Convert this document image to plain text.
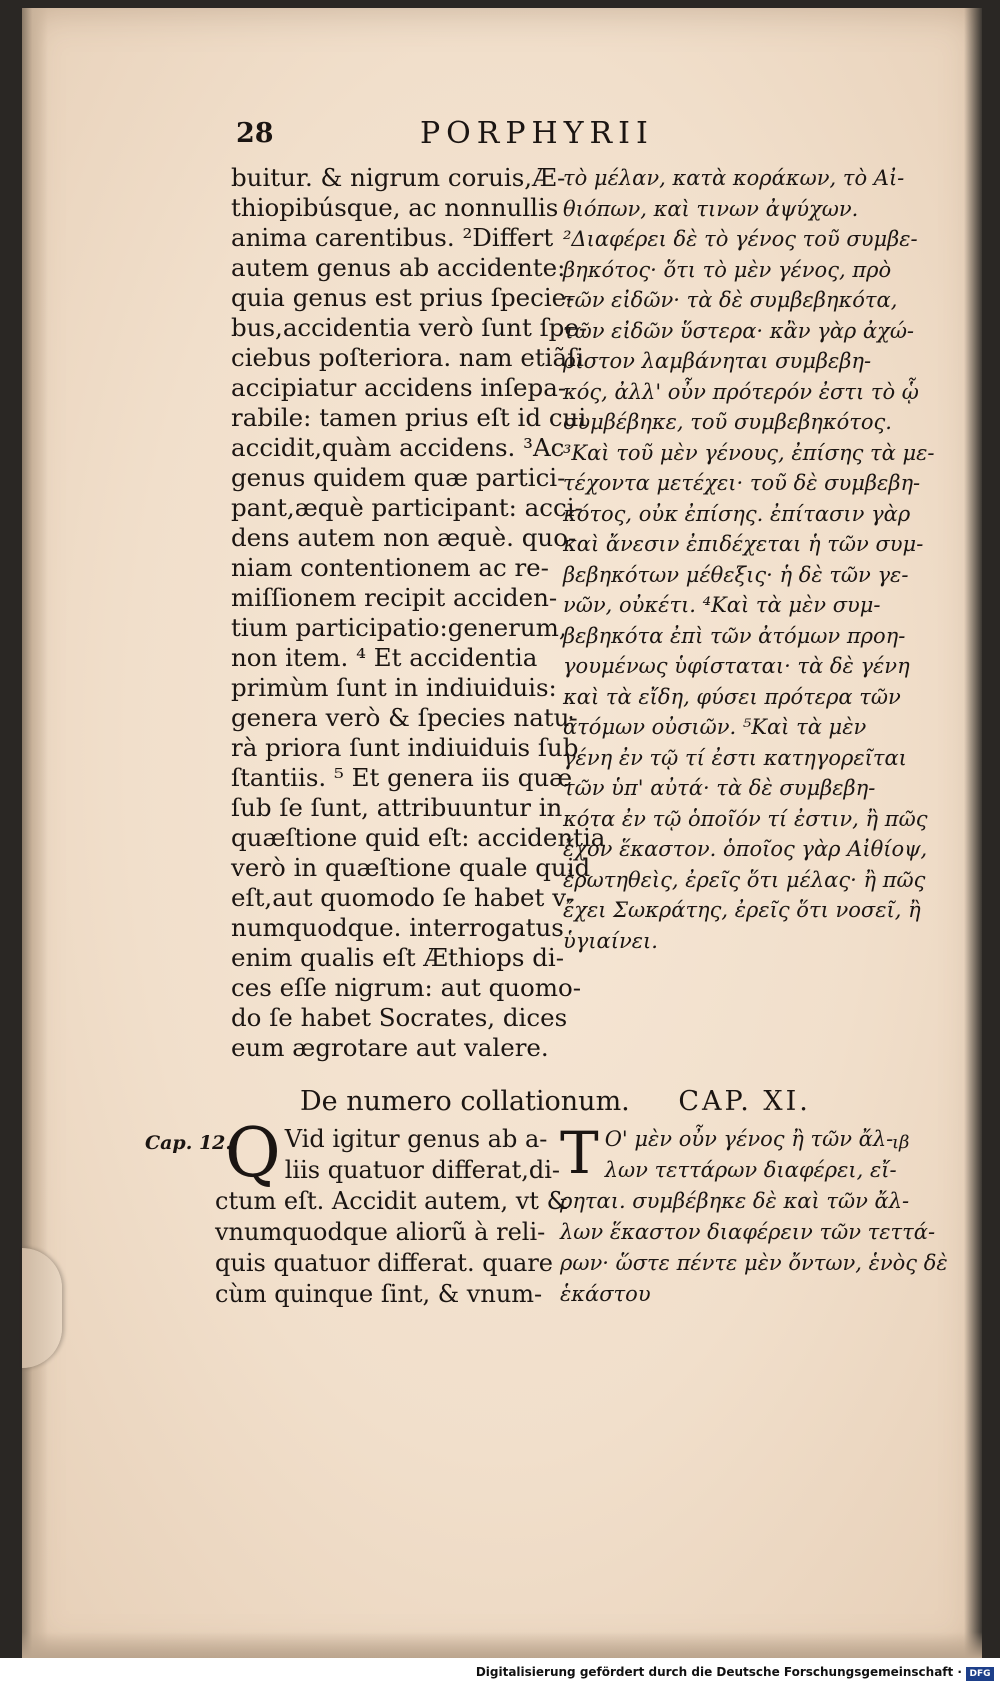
28	PORPHYRII
buitur. & nigrum coruis,Æ-
thiopibúsque, ac nonnullis
anima carentibus. ²Differt
autem genus ab accidente:
quia genus est prius ſpecie-
bus,accidentia verò ſunt ſpe-
ciebus poſteriora. nam etiãſi
accipiatur accidens inſepa-
rabile: tamen prius eſt id cui
accidit,quàm accidens. ³Ac
genus quidem quæ partici-
pant,æquè participant: acci-
dens autem non æquè. quo-
niam contentionem ac re-
miſſionem recipit acciden-
tium participatio:generum,
non item. ⁴ Et accidentia
primùm ſunt in indiuiduis:
genera verò & ſpecies natu-
rà priora ſunt indiuiduis ſub
ſtantiis. ⁵ Et genera iis quæ
ſub ſe ſunt, attribuuntur in
quæſtione quid eſt: accidentia
verò in quæſtione quale quid
eſt,aut quomodo ſe habet v-
numquodque. interrogatus
enim qualis eſt Æthiops di-
ces eſſe nigrum: aut quomo-
do ſe habet Socrates, dices
eum ægrotare aut valere.
τὸ μέλαν, κατὰ κοράκων, τὸ Αἰ-
θιόπων, καὶ τινων ἀψύχων.
²Διαφέρει δὲ τὸ γένος τοῦ συμβε-
βηκότος· ὅτι τὸ μὲν γένος, πρὸ
τῶν εἰδῶν· τὰ δὲ συμβεβηκότα,
τῶν εἰδῶν ὕστερα· κἂν γὰρ ἀχώ-
ριστον λαμβάνηται συμβεβη-
κός, ἀλλ' οὖν πρότερόν ἐστι τὸ ᾧ
συμβέβηκε, τοῦ συμβεβηκότος.
³Καὶ τοῦ μὲν γένους, ἐπίσης τὰ με-
τέχοντα μετέχει· τοῦ δὲ συμβεβη-
κότος, οὐκ ἐπίσης. ἐπίτασιν γὰρ
καὶ ἄνεσιν ἐπιδέχεται ἡ τῶν συμ-
βεβηκότων μέθεξις· ἡ δὲ τῶν γε-
νῶν, οὐκέτι. ⁴Καὶ τὰ μὲν συμ-
βεβηκότα ἐπὶ τῶν ἀτόμων προη-
γουμένως ὑφίσταται· τὰ δὲ γένη
καὶ τὰ εἴδη, φύσει πρότερα τῶν
ἀτόμων οὐσιῶν. ⁵Καὶ τὰ μὲν
γένη ἐν τῷ τί ἐστι κατηγορεῖται
τῶν ὑπ' αὐτά· τὰ δὲ συμβεβη-
κότα ἐν τῷ ὁποῖόν τί ἐστιν, ἢ πῶς
ἔχον ἕκαστον. ὁποῖος γὰρ Αἰθίοψ,
ἐρωτηθεὶς, ἐρεῖς ὅτι μέλας· ἢ πῶς
ἔχει Σωκράτης, ἐρεῖς ὅτι νοσεῖ, ἢ
ὑγιαίνει.
De numero collationum. CAP. XI.
Cap. 12.	ιβ
Q Vid igitur genus ab a-
liis quatuor differat,di-
ctum eſt. Accidit autem, vt &
vnumquodque aliorũ à reli-
quis quatuor differat. quare
cùm quinque ſint, & vnum-
Τ Ο' μὲν οὖν γένος ἢ τῶν ἄλ-
λων τεττάρων διαφέρει, εἴ-
ρηται. συμβέβηκε δὲ καὶ τῶν ἄλ-
λων ἕκαστον διαφέρειν τῶν τεττά-
ρων· ὥστε πέντε μὲν ὄντων, ἑνὸς δὲ
ἑκάστου
Digitalisierung gefördert durch die Deutsche Forschungsgemeinschaft · DFG
